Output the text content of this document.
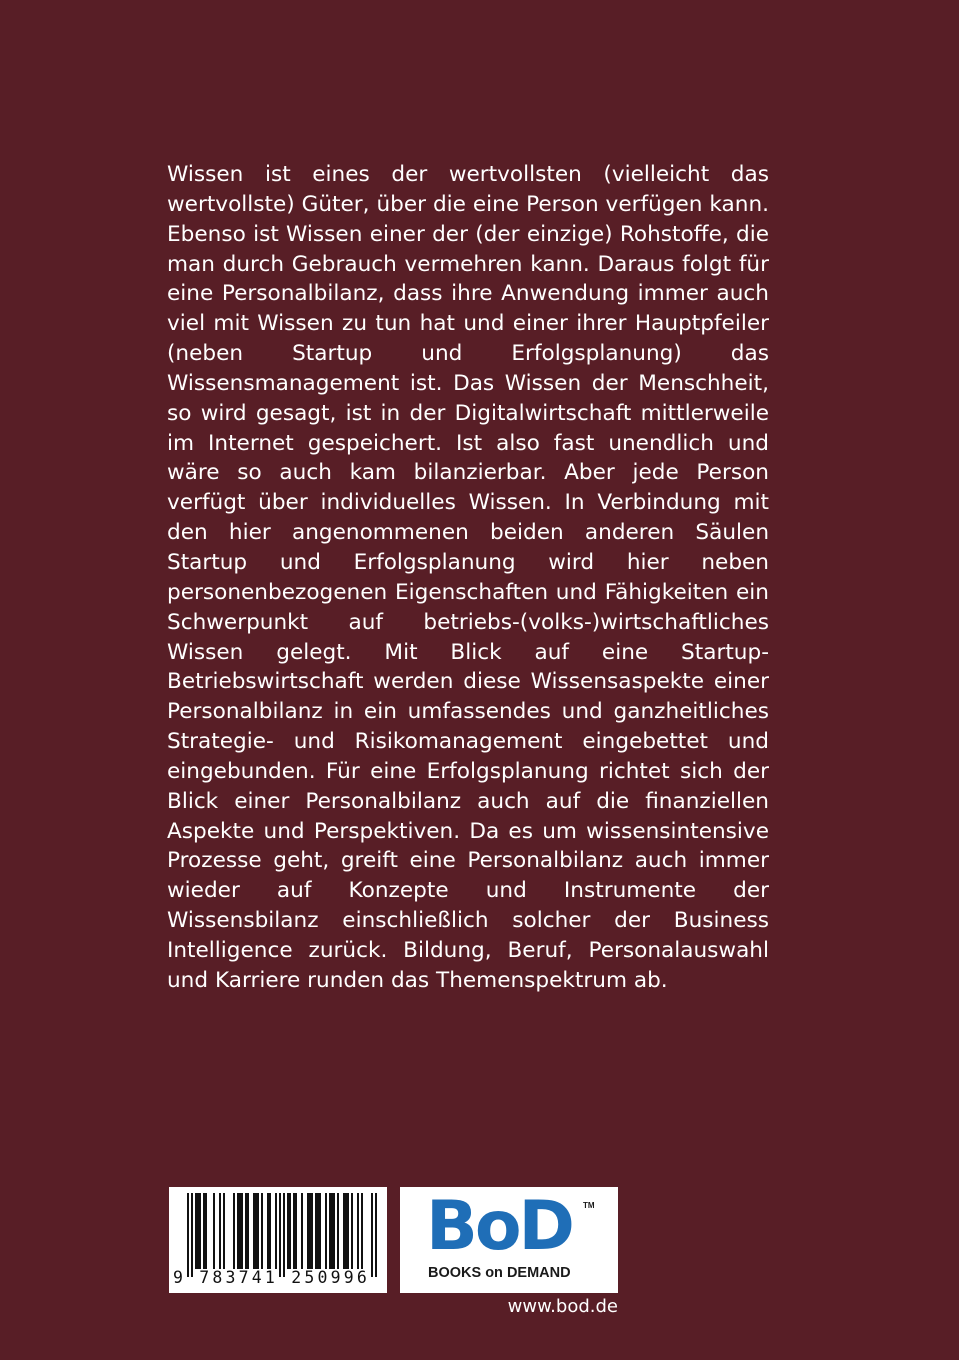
Wissen ist eines der wertvollsten (vielleicht das wertvollste) Güter, über die eine Person verfügen kann. Ebenso ist Wissen einer der (der einzige) Rohstoffe, die man durch Gebrauch vermehren kann. Daraus folgt für eine Personalbilanz, dass ihre Anwendung immer auch viel mit Wissen zu tun hat und einer ihrer Hauptpfeiler (neben Startup und Erfolgsplanung) das Wissensmanagement ist. Das Wissen der Menschheit, so wird gesagt, ist in der Digitalwirtschaft mittlerweile im Internet gespeichert. Ist also fast unendlich und wäre so auch kam bilanzierbar. Aber jede Person verfügt über individuelles Wissen. In Verbindung mit den hier angenommenen beiden anderen Säulen Startup und Erfolgsplanung wird hier neben personenbezogenen Eigenschaften und Fähigkeiten ein Schwerpunkt auf betriebs-(volks-)wirtschaftliches Wissen gelegt. Mit Blick auf eine Startup-Betriebswirtschaft werden diese Wissensaspekte einer Personalbilanz in ein umfassendes und ganzheitliches Strategie- und Risikomanagement eingebettet und eingebunden. Für eine Erfolgsplanung richtet sich der Blick einer Personalbilanz auch auf die finanziellen Aspekte und Perspektiven. Da es um wissensintensive Prozesse geht, greift eine Personalbilanz auch immer wieder auf Konzepte und Instrumente der Wissensbilanz einschließlich solcher der Business Intelligence zurück. Bildung, Beruf, Personalauswahl und Karriere runden das Themenspektrum ab.
9 783741 250996
BoD TM
BOOKS on DEMAND
www.bod.de
